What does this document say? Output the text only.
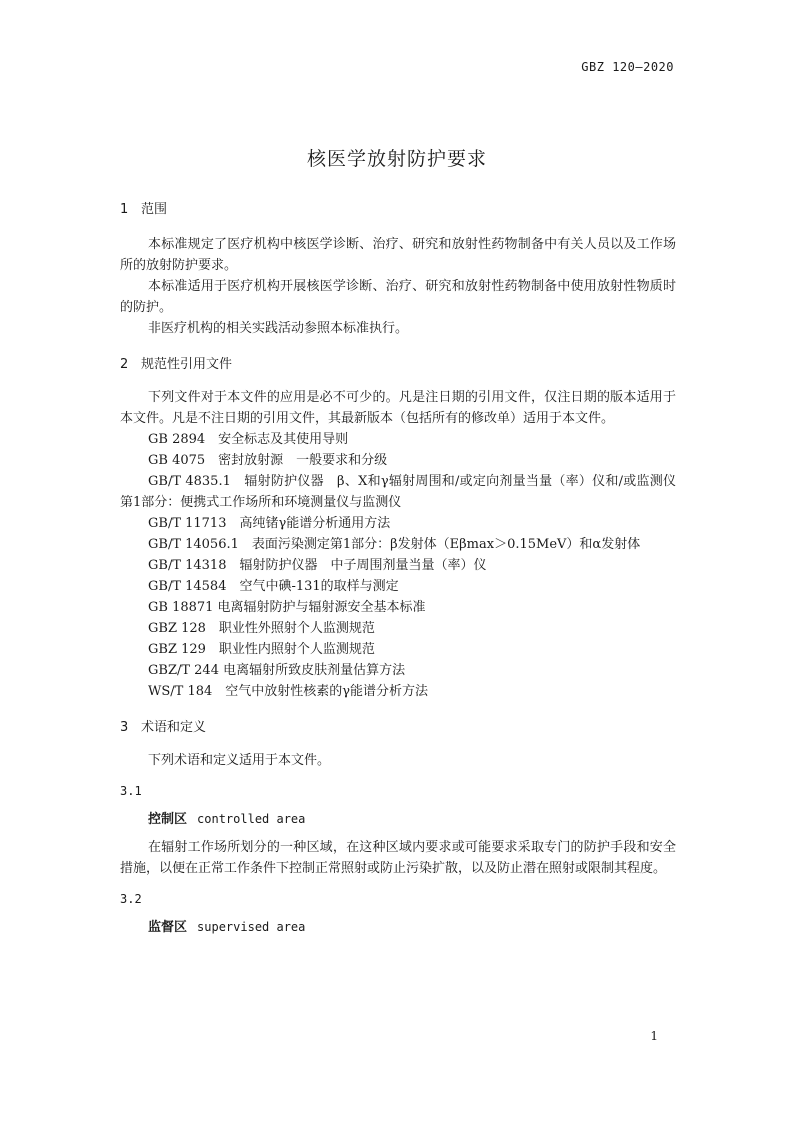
GBZ 120—2020
核医学放射防护要求
1 范围

本标准规定了医疗机构中核医学诊断、治疗、研究和放射性药物制备中有关人员以及工作场所的放射防护要求。

本标准适用于医疗机构开展核医学诊断、治疗、研究和放射性药物制备中使用放射性物质时的防护。

非医疗机构的相关实践活动参照本标准执行。

2 规范性引用文件

下列文件对于本文件的应用是必不可少的。凡是注日期的引用文件，仅注日期的版本适用于本文件。凡是不注日期的引用文件，其最新版本（包括所有的修改单）适用于本文件。

GB 2894　安全标志及其使用导则

GB 4075　密封放射源　一般要求和分级

GB/T 4835.1　辐射防护仪器　β、X和γ辐射周围和/或定向剂量当量（率）仪和/或监测仪　第1部分：便携式工作场所和环境测量仪与监测仪

GB/T 11713　高纯锗γ能谱分析通用方法

GB/T 14056.1　表面污染测定第1部分：β发射体（Eβmax＞0.15MeV）和α发射体

GB/T 14318　辐射防护仪器　中子周围剂量当量（率）仪

GB/T 14584　空气中碘-131的取样与测定

GB 18871 电离辐射防护与辐射源安全基本标准

GBZ 128　职业性外照射个人监测规范

GBZ 129　职业性内照射个人监测规范

GBZ/T 244 电离辐射所致皮肤剂量估算方法

WS/T 184　空气中放射性核素的γ能谱分析方法

3 术语和定义

下列术语和定义适用于本文件。

3.1
控制区 controlled area

在辐射工作场所划分的一种区域，在这种区域内要求或可能要求采取专门的防护手段和安全措施，以便在正常工作条件下控制正常照射或防止污染扩散，以及防止潜在照射或限制其程度。

3.2
监督区 supervised area
1
